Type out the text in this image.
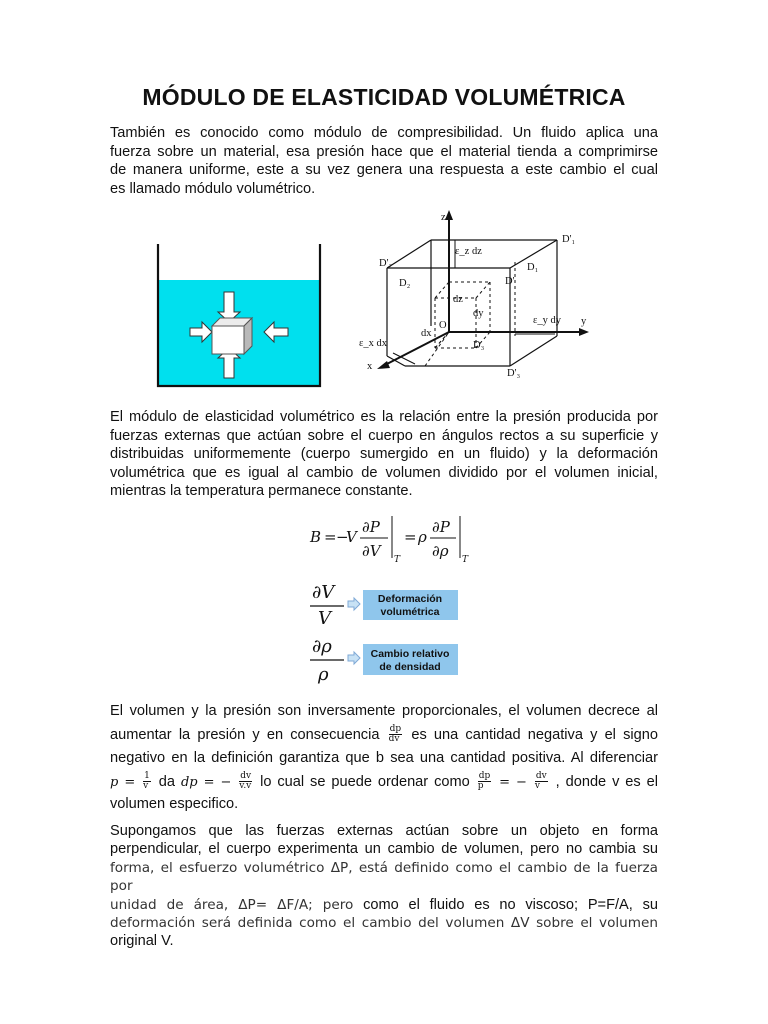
MÓDULO DE ELASTICIDAD VOLUMÉTRICA

También es conocido como módulo de compresibilidad. Un fluido aplica una
fuerza sobre un material, esa presión hace que el material tienda a comprimirse
de manera uniforme, este a su vez genera una respuesta a este cambio el cual
es llamado módulo volumétrico.

z
y
x
ε_z dz
ε_y dy
ε_x dx
dz
dy
dx
O
D'₁
D'₂
D'₃
D'
D₁
D₂
D₃

El módulo de elasticidad volumétrico es la relación entre la presión producida por
fuerzas externas que actúan sobre el cuerpo en ángulos rectos a su superficie y
distribuidas uniformemente (cuerpo sumergido en un fluido) y la deformación
volumétrica que es igual al cambio de volumen dividido por el volumen inicial,
mientras la temperatura permanece constante.

B = −
V
∂P
∂V
= ρ
∂P
∂ρ
T	T
∂V
V
∂ρ
ρ
Deformación
volumétrica
Cambio relativo
de densidad
El volumen y la presión son inversamente proporcionales, el volumen decrece al
aumentar la presión y en consecuencia $\frac{dp}{dv}$ es una cantidad negativa y el signo
negativo en la definición garantiza que b sea una cantidad positiva. Al diferenciar
$p = \frac{1}{v}$ da dp = − $\frac{dv}{v.v}$ lo cual se puede ordenar como $\frac{dp}{p}$ = − $\frac{dv}{v}$ , donde v es el
volumen especifico.

Supongamos que las fuerzas externas actúan sobre un objeto en forma
perpendicular, el cuerpo experimenta un cambio de volumen, pero no cambia su
forma, el esfuerzo volumétrico ΔP, está definido como el cambio de la fuerza por
unidad de área, ΔP= ΔF/A; pero como el fluido es no viscoso; P=F/A, su
deformación será definida como el cambio del volumen ΔV sobre el volumen
original V.
